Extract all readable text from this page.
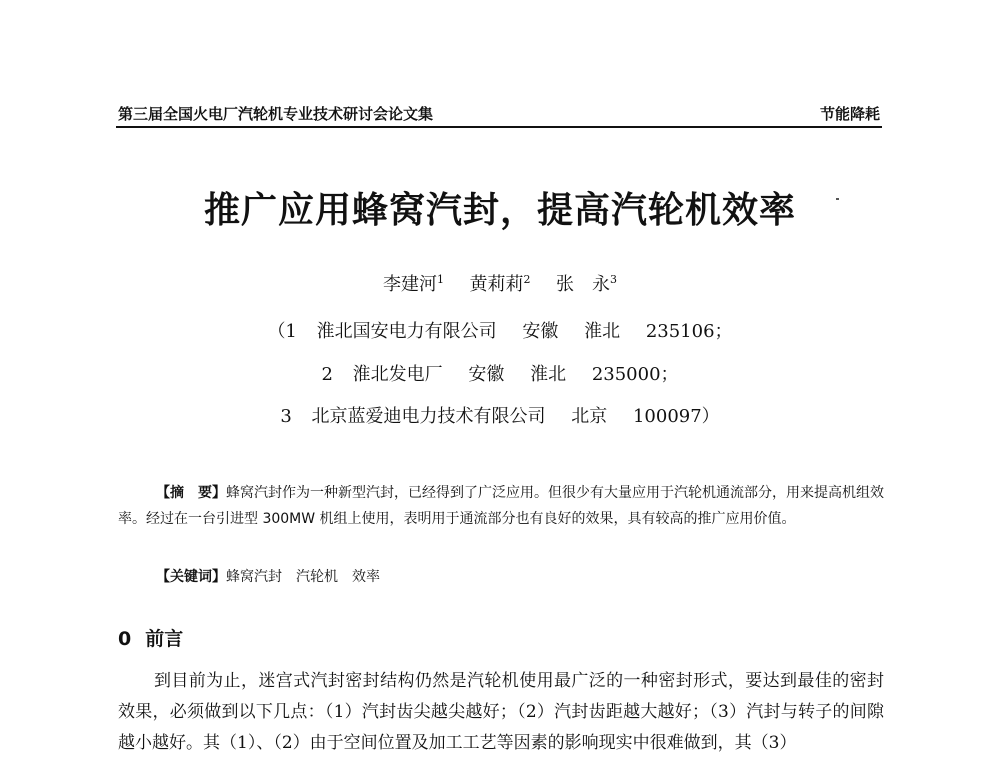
第三届全国火电厂汽轮机专业技术研讨会论文集	节能降耗
推广应用蜂窝汽封，提高汽轮机效率
李建河$^1$ 黄莉莉$^2$ 张　永$^3$
（1 淮北国安电力有限公司 安徽 淮北 235106；
2 淮北发电厂 安徽 淮北 235000；
3 北京蓝爱迪电力技术有限公司 北京 100097）
【摘　要】蜂窝汽封作为一种新型汽封，已经得到了广泛应用。但很少有大量应用于汽轮机通流部分，用来提高机组效率。经过在一台引进型 300MW 机组上使用，表明用于通流部分也有良好的效果，具有较高的推广应用价值。
【关键词】蜂窝汽封 汽轮机 效率
0 前言
到目前为止，迷宫式汽封密封结构仍然是汽轮机使用最广泛的一种密封形式，要达到最佳的密封效果，必须做到以下几点：（1）汽封齿尖越尖越好；（2）汽封齿距越大越好；（3）汽封与转子的间隙越小越好。其（1）、（2）由于空间位置及加工工艺等因素的影响现实中很难做到，其（3）
